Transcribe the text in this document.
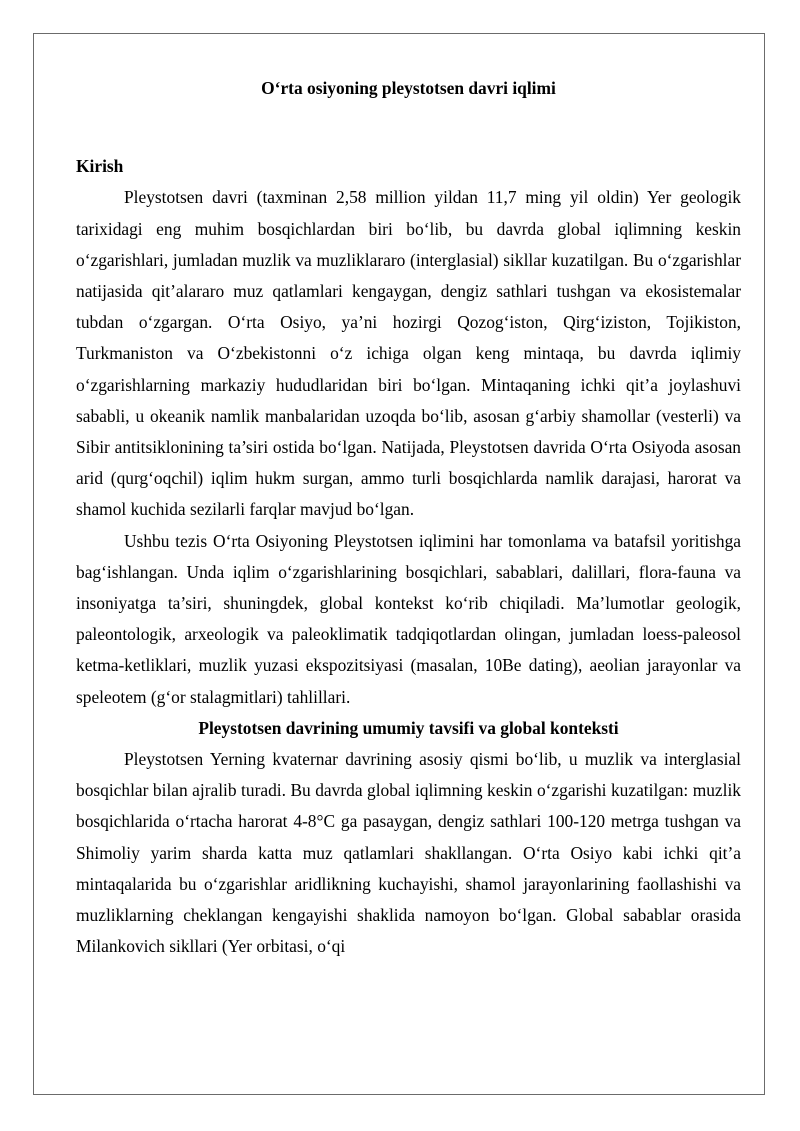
O‘rta osiyoning pleystotsen davri iqlimi

Kirish

Pleystotsen davri (taxminan 2,58 million yildan 11,7 ming yil oldin) Yer geologik tarixidagi eng muhim bosqichlardan biri bo‘lib, bu davrda global iqlimning keskin o‘zgarishlari, jumladan muzlik va muzliklararo (interglasial) sikllar kuzatilgan. Bu o‘zgarishlar natijasida qit’alararo muz qatlamlari kengaygan, dengiz sathlari tushgan va ekosistemalar tubdan o‘zgargan. O‘rta Osiyo, ya’ni hozirgi Qozog‘iston, Qirg‘iziston, Tojikiston, Turkmaniston va O‘zbekistonni o‘z ichiga olgan keng mintaqa, bu davrda iqlimiy o‘zgarishlarning markaziy hududlaridan biri bo‘lgan. Mintaqaning ichki qit’a joylashuvi sababli, u okeanik namlik manbalaridan uzoqda bo‘lib, asosan g‘arbiy shamollar (vesterli) va Sibir antitsiklonining ta’siri ostida bo‘lgan. Natijada, Pleystotsen davrida O‘rta Osiyoda asosan arid (qurg‘oqchil) iqlim hukm surgan, ammo turli bosqichlarda namlik darajasi, harorat va shamol kuchida sezilarli farqlar mavjud bo‘lgan.

Ushbu tezis O‘rta Osiyoning Pleystotsen iqlimini har tomonlama va batafsil yoritishga bag‘ishlangan. Unda iqlim o‘zgarishlarining bosqichlari, sabablari, dalillari, flora-fauna va insoniyatga ta’siri, shuningdek, global kontekst ko‘rib chiqiladi. Ma’lumotlar geologik, paleontologik, arxeologik va paleoklimatik tadqiqotlardan olingan, jumladan loess-paleosol ketma-ketliklari, muzlik yuzasi ekspozitsiyasi (masalan, 10Be dating), aeolian jarayonlar va speleotem (g‘or stalagmitlari) tahlillari.

Pleystotsen davrining umumiy tavsifi va global konteksti

Pleystotsen Yerning kvaternar davrining asosiy qismi bo‘lib, u muzlik va interglasial bosqichlar bilan ajralib turadi. Bu davrda global iqlimning keskin o‘zgarishi kuzatilgan: muzlik bosqichlarida o‘rtacha harorat 4-8°C ga pasaygan, dengiz sathlari 100-120 metrga tushgan va Shimoliy yarim sharda katta muz qatlamlari shakllangan. O‘rta Osiyo kabi ichki qit’a mintaqalarida bu o‘zgarishlar aridlikning kuchayishi, shamol jarayonlarining faollashishi va muzliklarning cheklangan kengayishi shaklida namoyon bo‘lgan. Global sabablar orasida Milankovich sikllari (Yer orbitasi, o‘qi
